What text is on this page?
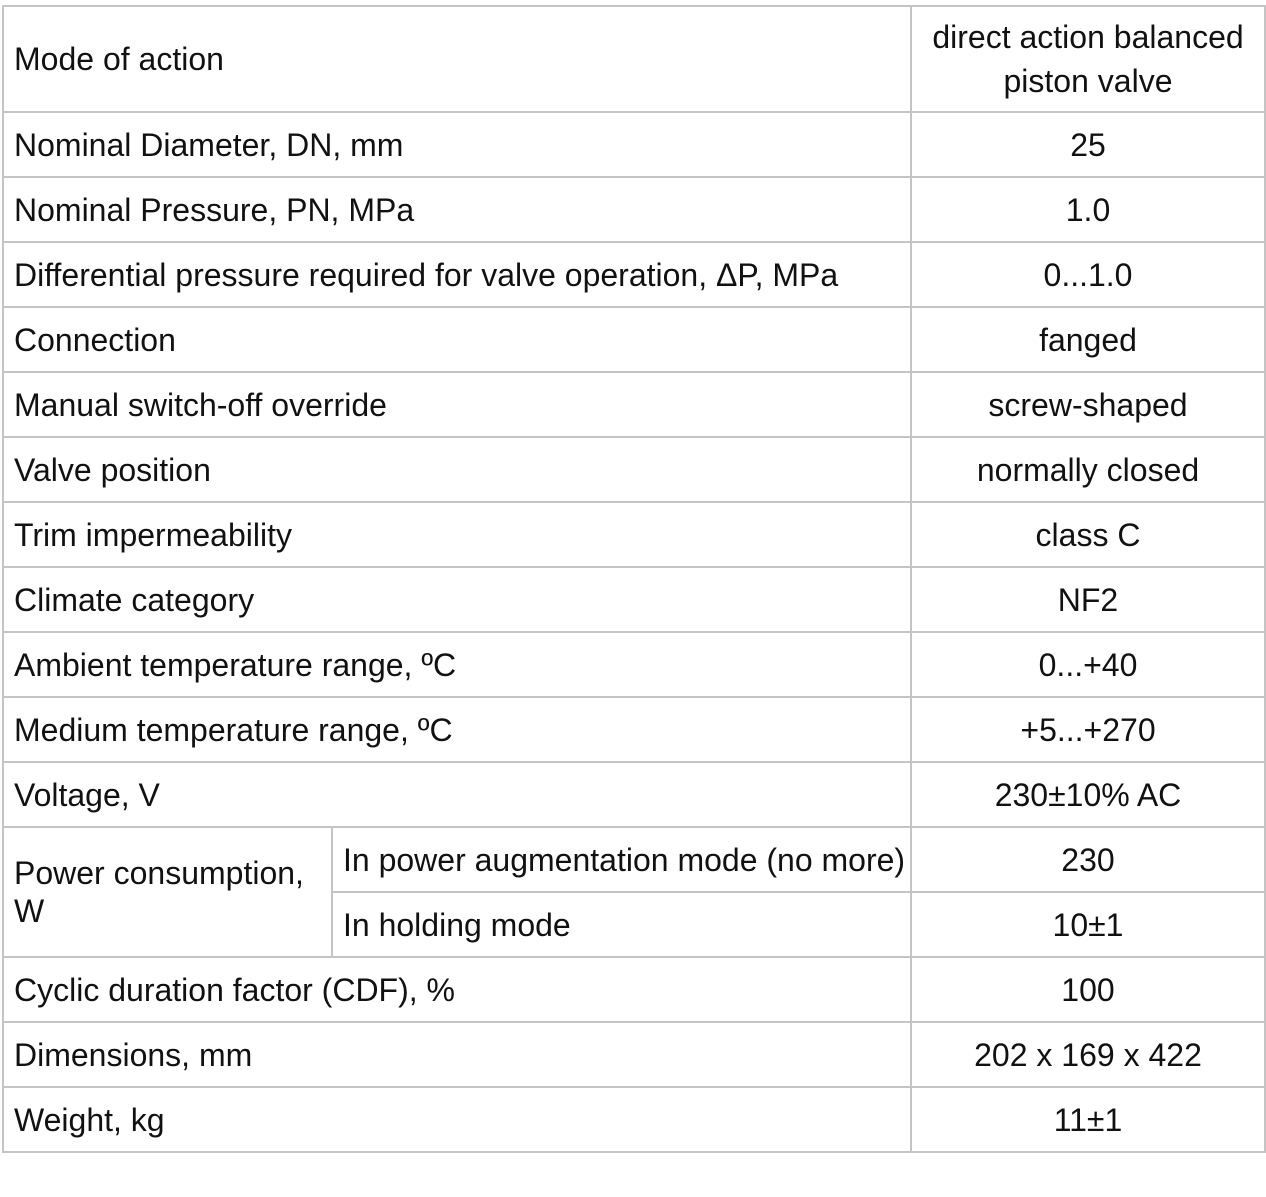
Mode of action		direct action balanced piston valve
Nominal Diameter, DN, mm		25
Nominal Pressure, PN, MPa		1.0
Differential pressure required for valve operation, ΔP, MPa		0...1.0
Connection		fanged
Manual switch-off override		screw-shaped
Valve position		normally closed
Trim impermeability		class C
Climate category		NF2
Ambient temperature range, ºC		0...+40
Medium temperature range, ºC		+5...+270
Voltage, V		230±10% AC
Power consumption, W	In power augmentation mode (no more)	230
	In holding mode	10±1
Cyclic duration factor (CDF), %		100
Dimensions, mm		202 x 169 x 422
Weight, kg		11±1
